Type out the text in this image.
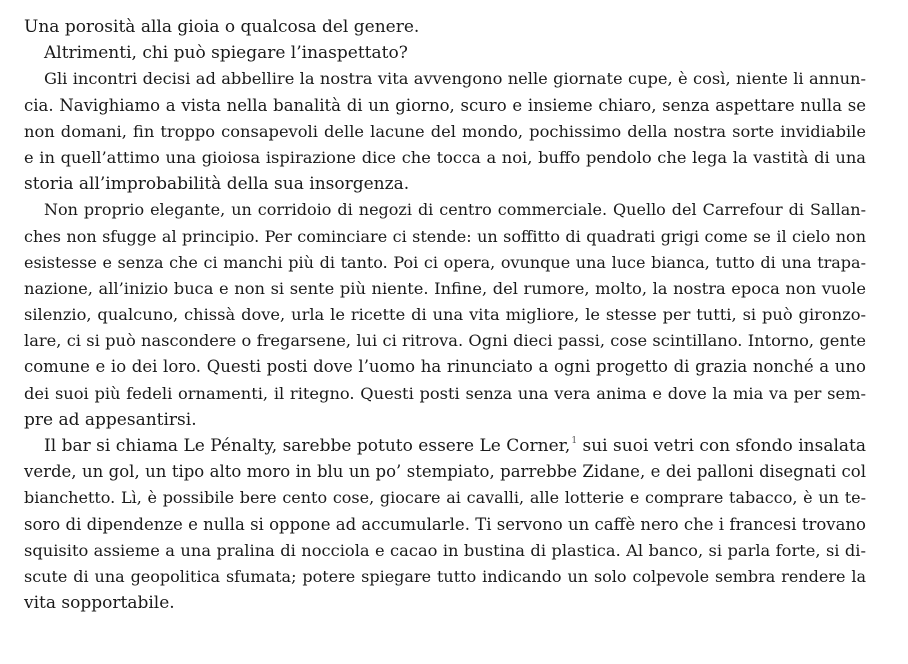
Una porosità alla gioia o qualcosa del genere.
Altrimenti, chi può spiegare l’inaspettato?
Gli incontri decisi ad abbellire la nostra vita avvengono nelle giornate cupe, è così, niente li annun-
cia. Navighiamo a vista nella banalità di un giorno, scuro e insieme chiaro, senza aspettare nulla se
non domani, fin troppo consapevoli delle lacune del mondo, pochissimo della nostra sorte invidiabile
e in quell’attimo una gioiosa ispirazione dice che tocca a noi, buffo pendolo che lega la vastità di una
storia all’improbabilità della sua insorgenza.
Non proprio elegante, un corridoio di negozi di centro commerciale. Quello del Carrefour di Sallan-
ches non sfugge al principio. Per cominciare ci stende: un soffitto di quadrati grigi come se il cielo non
esistesse e senza che ci manchi più di tanto. Poi ci opera, ovunque una luce bianca, tutto di una trapa-
nazione, all’inizio buca e non si sente più niente. Infine, del rumore, molto, la nostra epoca non vuole
silenzio, qualcuno, chissà dove, urla le ricette di una vita migliore, le stesse per tutti, si può gironzo-
lare, ci si può nascondere o fregarsene, lui ci ritrova. Ogni dieci passi, cose scintillano. Intorno, gente
comune e io dei loro. Questi posti dove l’uomo ha rinunciato a ogni progetto di grazia nonché a uno
dei suoi più fedeli ornamenti, il ritegno. Questi posti senza una vera anima e dove la mia va per sem-
pre ad appesantirsi.
Il bar si chiama Le Pénalty, sarebbe potuto essere Le Corner,$^1$ sui suoi vetri con sfondo insalata
verde, un gol, un tipo alto moro in blu un po’ stempiato, parrebbe Zidane, e dei palloni disegnati col
bianchetto. Lì, è possibile bere cento cose, giocare ai cavalli, alle lotterie e comprare tabacco, è un te-
soro di dipendenze e nulla si oppone ad accumularle. Ti servono un caffè nero che i francesi trovano
squisito assieme a una pralina di nocciola e cacao in bustina di plastica. Al banco, si parla forte, si di-
scute di una geopolitica sfumata; potere spiegare tutto indicando un solo colpevole sembra rendere la
vita sopportabile.
